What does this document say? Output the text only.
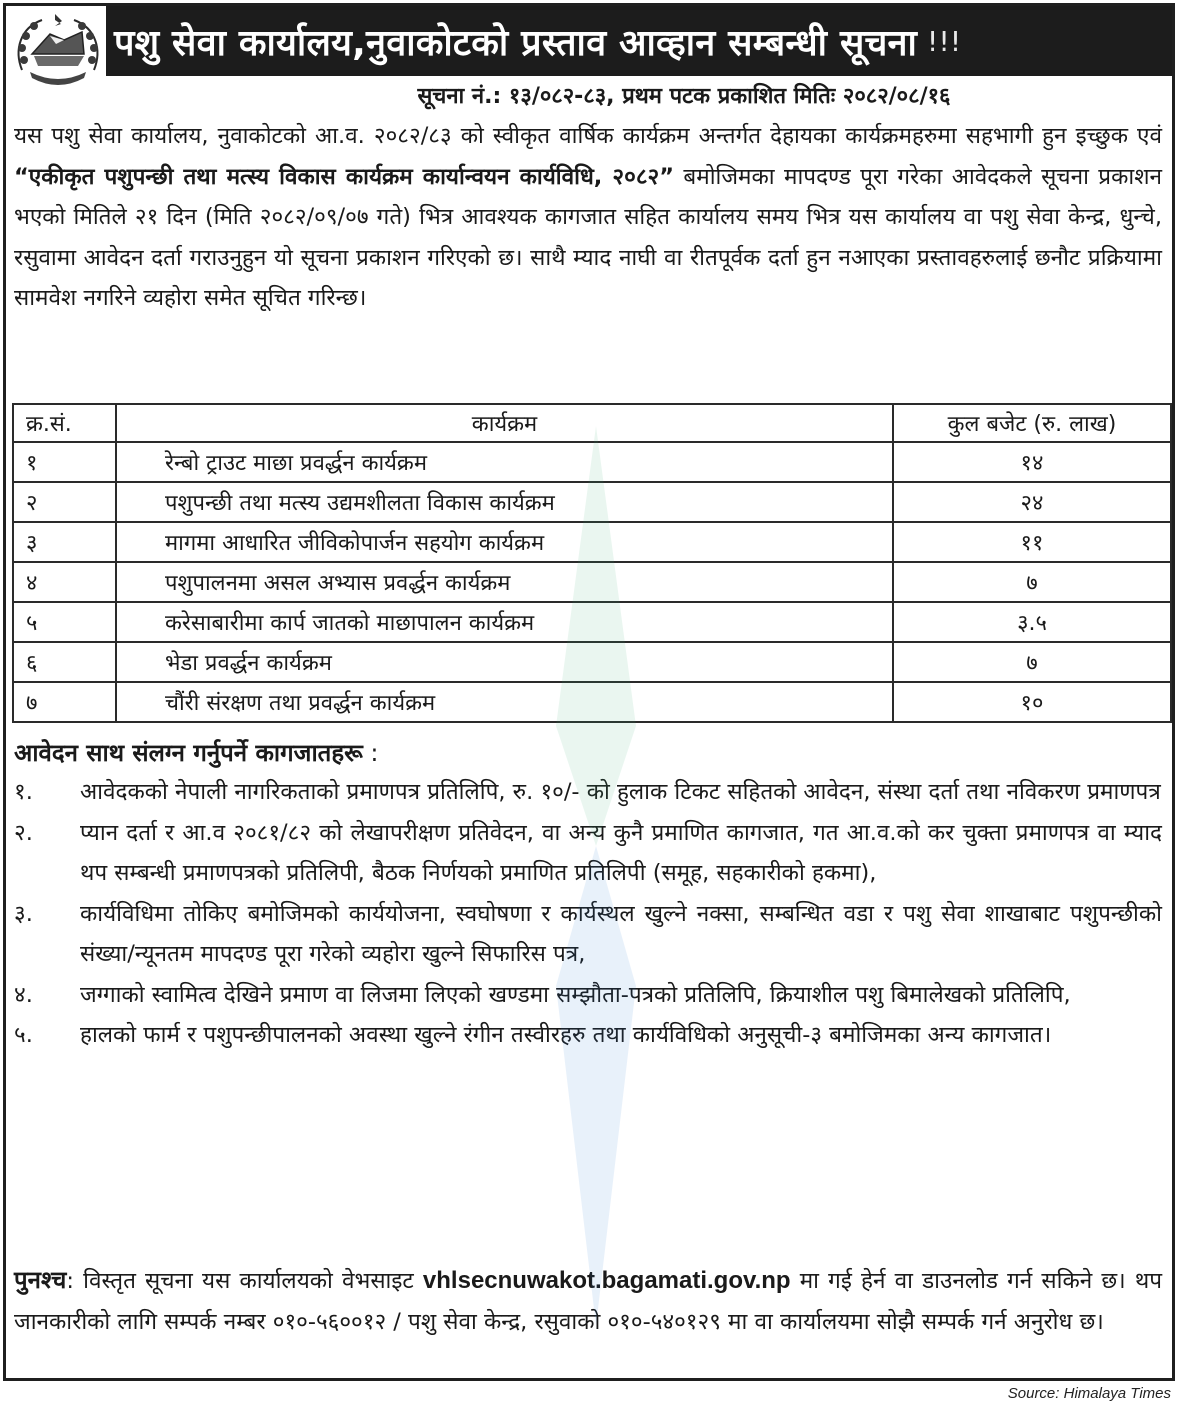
पशु सेवा कार्यालय,नुवाकोटको प्रस्ताव आव्हान सम्बन्धी सूचना !!!
सूचना नं.: १३/०८२-८३, प्रथम पटक प्रकाशित मितिः २०८२/०८/१६

यस पशु सेवा कार्यालय, नुवाकोटको आ.व. २०८२/८३ को स्वीकृत वार्षिक कार्यक्रम अन्तर्गत देहायका कार्यक्रमहरुमा सहभागी हुन इच्छुक एवं “एकीकृत पशुपन्छी तथा मत्स्य विकास कार्यक्रम कार्यान्वयन कार्यविधि, २०८२” बमोजिमका मापदण्ड पूरा गरेका आवेदकले सूचना प्रकाशन भएको मितिले २१ दिन (मिति २०८२/०९/०७ गते) भित्र आवश्यक कागजात सहित कार्यालय समय भित्र यस कार्यालय वा पशु सेवा केन्द्र, धुन्चे, रसुवामा आवेदन दर्ता गराउनुहुन यो सूचना प्रकाशन गरिएको छ। साथै म्याद नाघी वा रीतपूर्वक दर्ता हुन नआएका प्रस्तावहरुलाई छनौट प्रक्रियामा सामवेश नगरिने व्यहोरा समेत सूचित गरिन्छ।

क्र.सं.	कार्यक्रम	कुल बजेट (रु. लाख)
१	रेन्बो ट्राउट माछा प्रवर्द्धन कार्यक्रम	१४
२	पशुपन्छी तथा मत्स्य उद्यमशीलता विकास कार्यक्रम	२४
३	मागमा आधारित जीविकोपार्जन सहयोग कार्यक्रम	११
४	पशुपालनमा असल अभ्यास प्रवर्द्धन कार्यक्रम	७
५	करेसाबारीमा कार्प जातको माछापालन कार्यक्रम	३.५
६	भेडा प्रवर्द्धन कार्यक्रम	७
७	चौंरी संरक्षण तथा प्रवर्द्धन कार्यक्रम	१०
आवेदन साथ संलग्न गर्नुपर्ने कागजातहरू :
१.	आवेदकको नेपाली नागरिकताको प्रमाणपत्र प्रतिलिपि, रु. १०/- को हुलाक टिकट सहितको आवेदन, संस्था दर्ता तथा नविकरण प्रमाणपत्र
२.	प्यान दर्ता र आ.व २०८१/८२ को लेखापरीक्षण प्रतिवेदन, वा अन्य कुनै प्रमाणित कागजात, गत आ.व.को कर चुक्ता प्रमाणपत्र वा म्याद थप सम्बन्धी प्रमाणपत्रको प्रतिलिपी, बैठक निर्णयको प्रमाणित प्रतिलिपी (समूह, सहकारीको हकमा),
३.	कार्यविधिमा तोकिए बमोजिमको कार्ययोजना, स्वघोषणा र कार्यस्थल खुल्ने नक्सा, सम्बन्धित वडा र पशु सेवा शाखाबाट पशुपन्छीको संख्या/न्यूनतम मापदण्ड पूरा गरेको व्यहोरा खुल्ने सिफारिस पत्र,
४.	जग्गाको स्वामित्व देखिने प्रमाण वा लिजमा लिएको खण्डमा सम्झौता-पत्रको प्रतिलिपि, क्रियाशील पशु बिमालेखको प्रतिलिपि,
५.	हालको फार्म र पशुपन्छीपालनको अवस्था खुल्ने रंगीन तस्वीरहरु तथा कार्यविधिको अनुसूची-३ बमोजिमका अन्य कागजात।

पुनश्च: विस्तृत सूचना यस कार्यालयको वेभसाइट vhlsecnuwakot.bagamati.gov.np मा गई हेर्न वा डाउनलोड गर्न सकिने छ। थप जानकारीको लागि सम्पर्क नम्बर ०१०-५६००१२ / पशु सेवा केन्द्र, रसुवाको ०१०-५४०१२९ मा वा कार्यालयमा सोझै सम्पर्क गर्न अनुरोध छ।

Source: Himalaya Times
